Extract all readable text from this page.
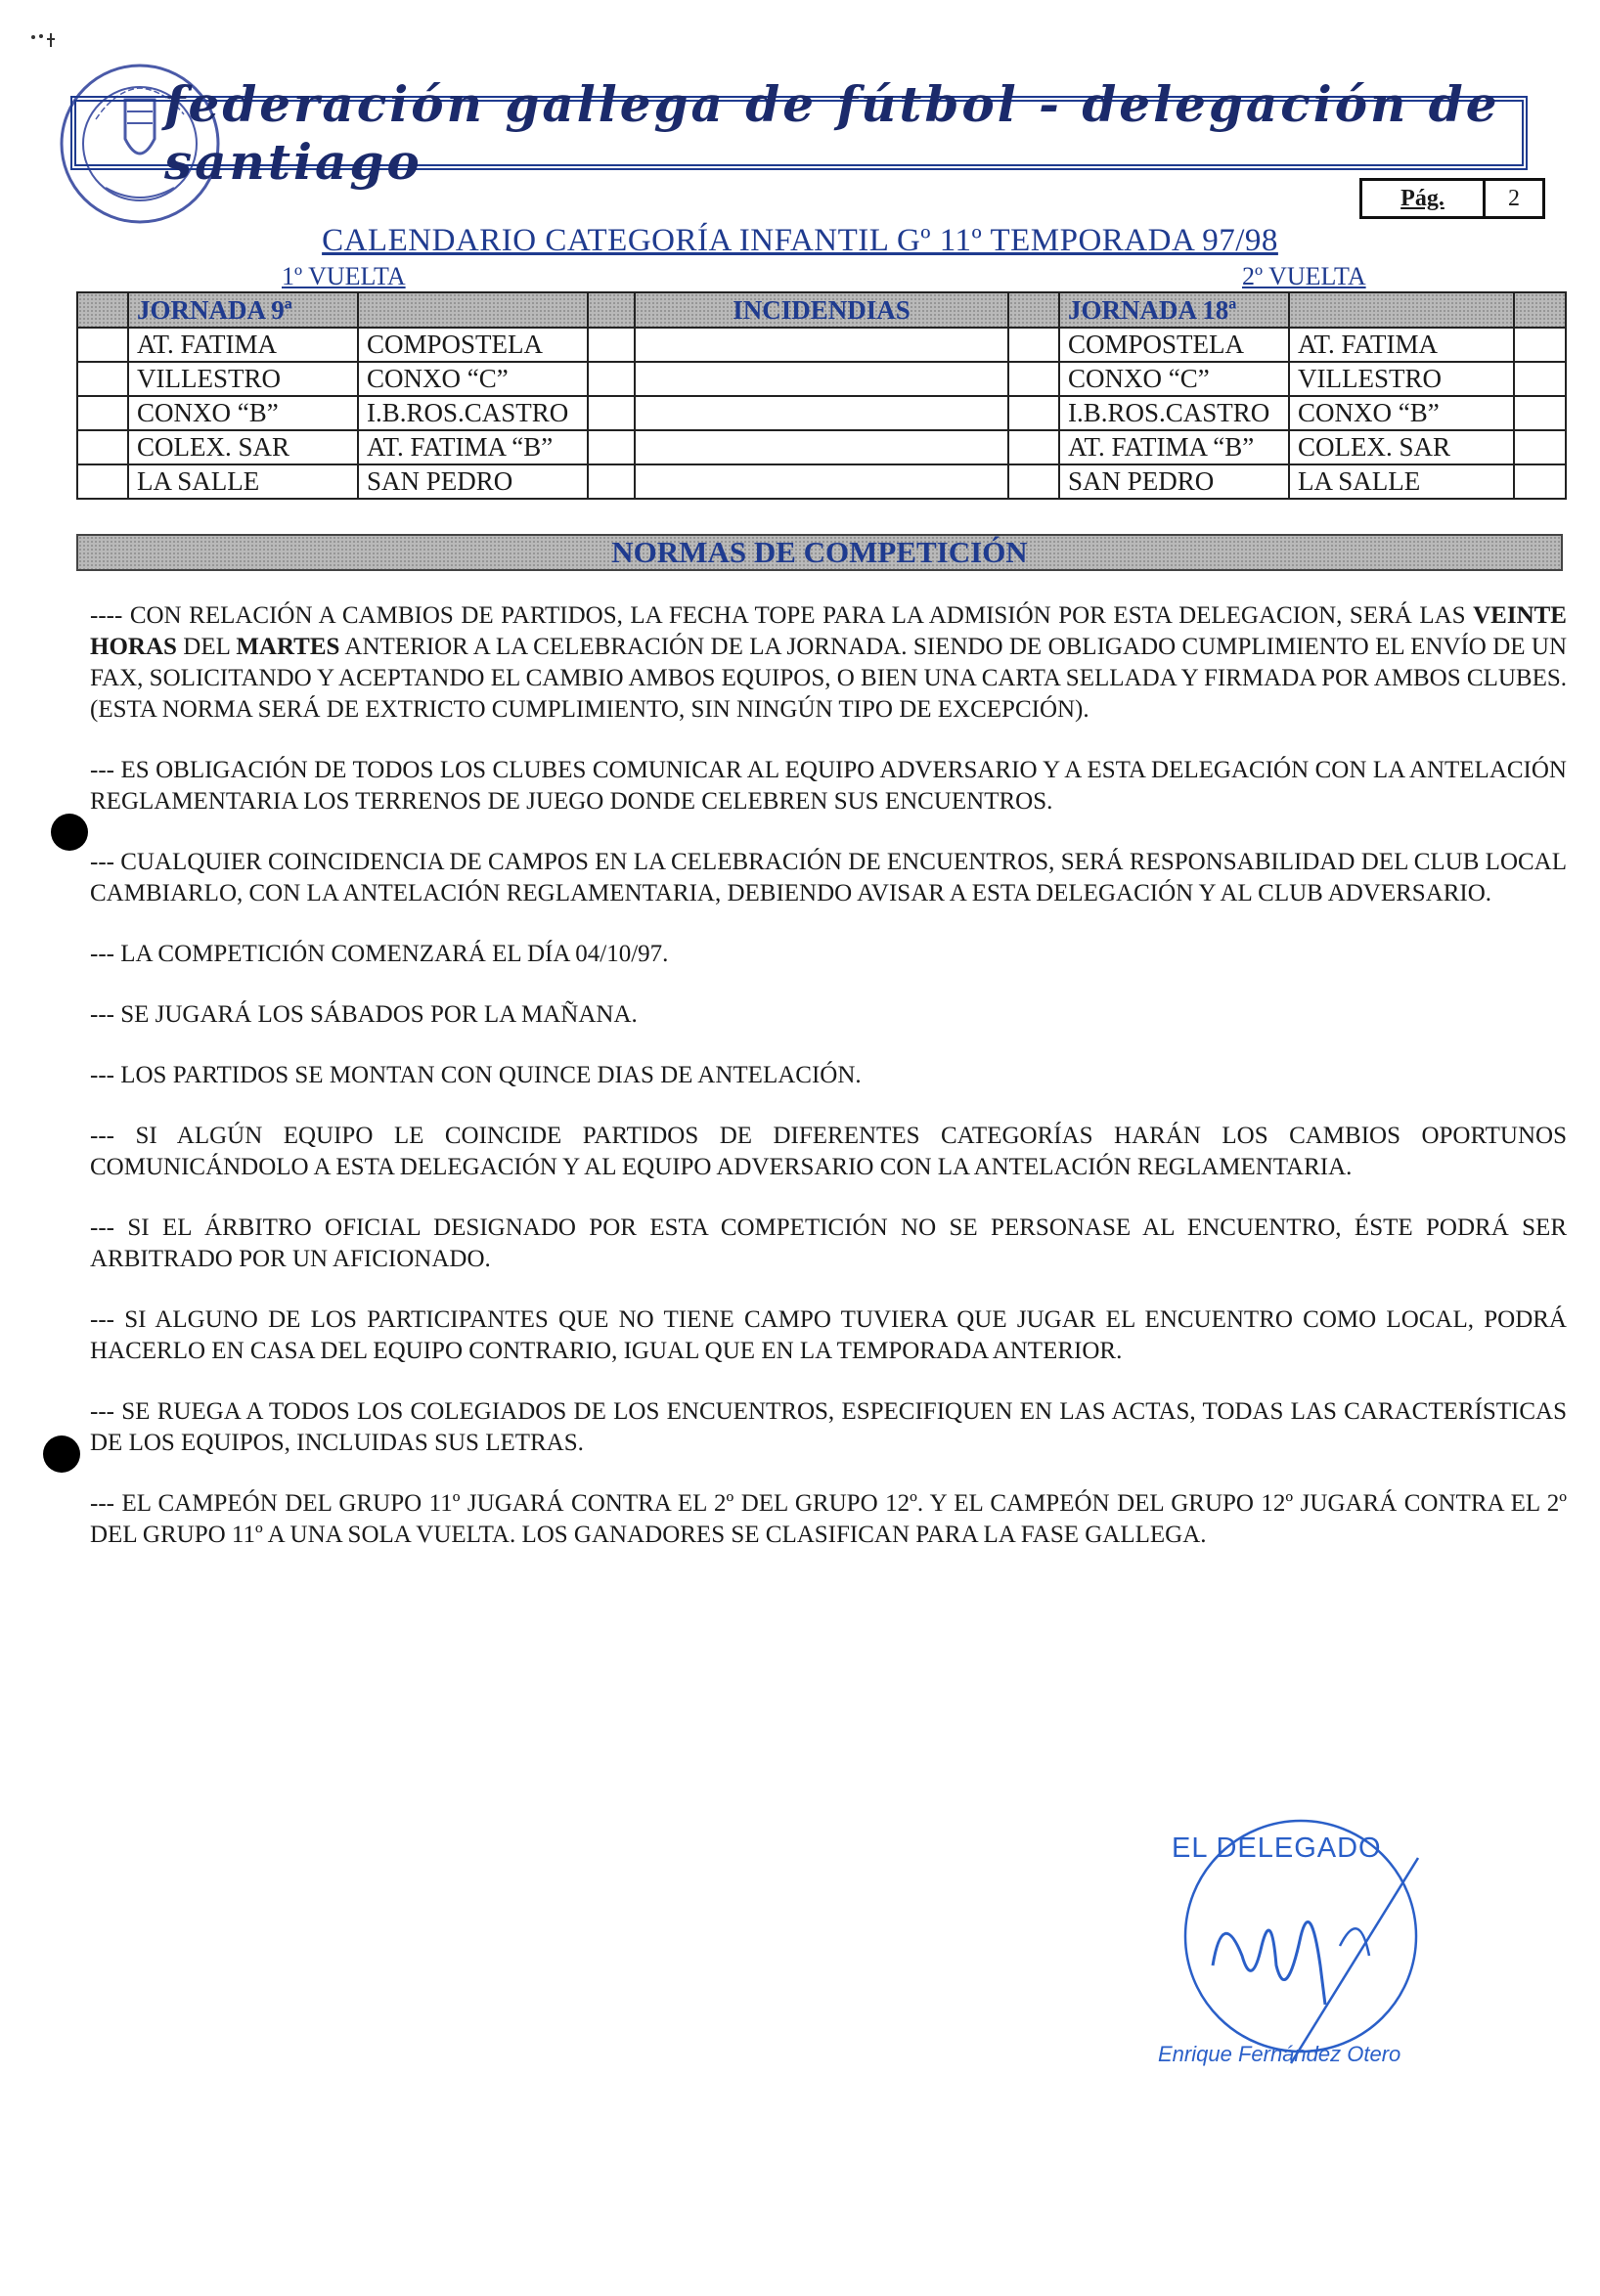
federación gallega de fútbol - delegación de santiago
Pág.	2
CALENDARIO CATEGORÍA INFANTIL Gº 11º TEMPORADA 97/98
1º VUELTA	2º VUELTA
	JORNADA 9ª			INCIDENDIAS		JORNADA 18ª		
	AT. FATIMA	COMPOSTELA				COMPOSTELA	AT. FATIMA	
	VILLESTRO	CONXO “C”				CONXO “C”	VILLESTRO	
	CONXO “B”	I.B.ROS.CASTRO				I.B.ROS.CASTRO	CONXO “B”	
	COLEX. SAR	AT. FATIMA “B”				AT. FATIMA “B”	COLEX. SAR	
	LA SALLE	SAN PEDRO				SAN PEDRO	LA SALLE	
NORMAS DE COMPETICIÓN

---- CON RELACIÓN A CAMBIOS DE PARTIDOS, LA FECHA TOPE PARA LA ADMISIÓN POR ESTA DELEGACION, SERÁ LAS VEINTE HORAS DEL MARTES ANTERIOR A LA CELEBRACIÓN DE LA JORNADA. SIENDO DE OBLIGADO CUMPLIMIENTO EL ENVÍO DE UN FAX, SOLICITANDO Y ACEPTANDO EL CAMBIO AMBOS EQUIPOS, O BIEN UNA CARTA SELLADA Y FIRMADA POR AMBOS CLUBES. (ESTA NORMA SERÁ DE EXTRICTO CUMPLIMIENTO, SIN NINGÚN TIPO DE EXCEPCIÓN).

--- ES OBLIGACIÓN DE TODOS LOS CLUBES COMUNICAR AL EQUIPO ADVERSARIO Y A ESTA DELEGACIÓN CON LA ANTELACIÓN REGLAMENTARIA LOS TERRENOS DE JUEGO DONDE CELEBREN SUS ENCUENTROS.

--- CUALQUIER COINCIDENCIA DE CAMPOS EN LA CELEBRACIÓN DE ENCUENTROS, SERÁ RESPONSABILIDAD DEL CLUB LOCAL CAMBIARLO, CON LA ANTELACIÓN REGLAMENTARIA, DEBIENDO AVISAR A ESTA DELEGACIÓN Y AL CLUB ADVERSARIO.

--- LA COMPETICIÓN COMENZARÁ EL DÍA 04/10/97.

--- SE JUGARÁ LOS SÁBADOS POR LA MAÑANA.

--- LOS PARTIDOS SE MONTAN CON QUINCE DIAS DE ANTELACIÓN.

--- SI ALGÚN EQUIPO LE COINCIDE PARTIDOS DE DIFERENTES CATEGORÍAS HARÁN LOS CAMBIOS OPORTUNOS COMUNICÁNDOLO A ESTA DELEGACIÓN Y AL EQUIPO ADVERSARIO CON LA ANTELACIÓN REGLAMENTARIA.

--- SI EL ÁRBITRO OFICIAL DESIGNADO POR ESTA COMPETICIÓN NO SE PERSONASE AL ENCUENTRO, ÉSTE PODRÁ SER ARBITRADO POR UN AFICIONADO.

--- SI ALGUNO DE LOS PARTICIPANTES QUE NO TIENE CAMPO TUVIERA QUE JUGAR EL ENCUENTRO COMO LOCAL, PODRÁ HACERLO EN CASA DEL EQUIPO CONTRARIO, IGUAL QUE EN LA TEMPORADA ANTERIOR.

--- SE RUEGA A TODOS LOS COLEGIADOS DE LOS ENCUENTROS, ESPECIFIQUEN EN LAS ACTAS, TODAS LAS CARACTERÍSTICAS DE LOS EQUIPOS, INCLUIDAS SUS LETRAS.

--- EL CAMPEÓN DEL GRUPO 11º JUGARÁ CONTRA EL 2º DEL GRUPO 12º. Y EL CAMPEÓN DEL GRUPO 12º JUGARÁ CONTRA EL 2º DEL GRUPO 11º A UNA SOLA VUELTA. LOS GANADORES SE CLASIFICAN PARA LA FASE GALLEGA.

EL DELEGADO
Enrique Fernández Otero
